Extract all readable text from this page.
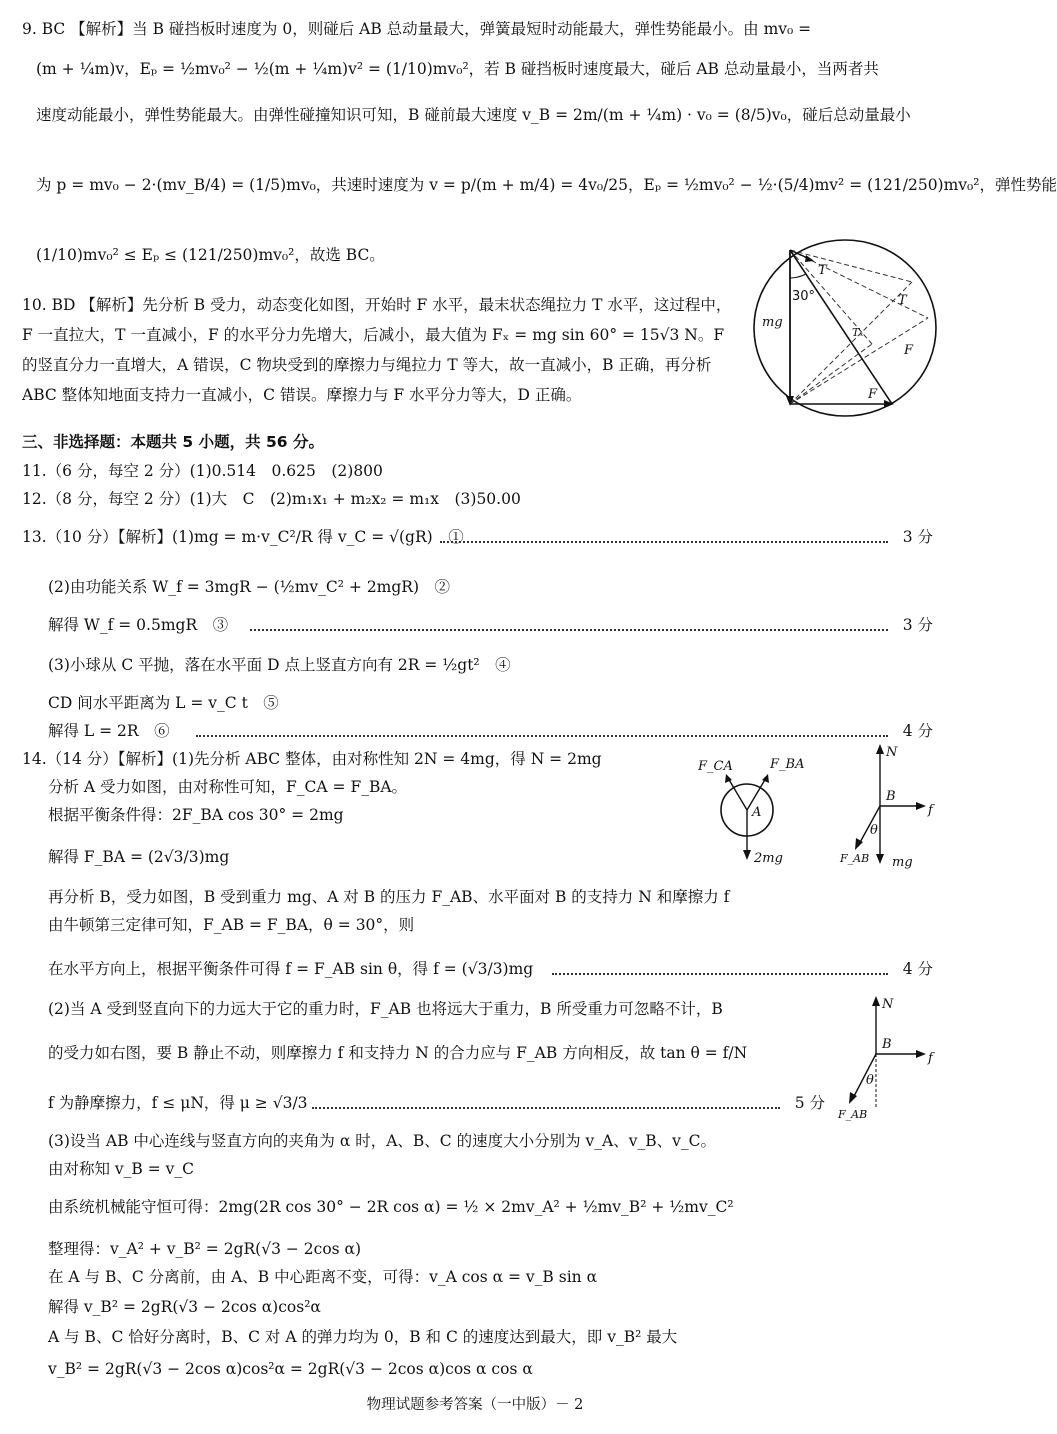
9. BC 【解析】当 B 碰挡板时速度为 0，则碰后 AB 总动量最大，弹簧最短时动能最大，弹性势能最小。由 mv₀ =
(m + ¼m)v，Eₚ = ½mv₀² − ½(m + ¼m)v² = (1/10)mv₀²，若 B 碰挡板时速度最大，碰后 AB 总动量最小，当两者共
速度动能最小，弹性势能最大。由弹性碰撞知识可知，B 碰前最大速度 v_B = 2m/(m + ¼m) · v₀ = (8/5)v₀，碰后总动量最小
为 p = mv₀ − 2·(mv_B/4) = (1/5)mv₀，共速时速度为 v = p/(m + m/4) = 4v₀/25，Eₚ = ½mv₀² − ½·(5/4)mv² = (121/250)mv₀²，弹性势能
(1/10)mv₀² ≤ Eₚ ≤ (121/250)mv₀²，故选 BC。
10. BD 【解析】先分析 B 受力，动态变化如图，开始时 F 水平，最末状态绳拉力 T 水平，这过程中，F 一直拉大，T 一直减小，F 的水平分力先增大，后减小，最大值为 Fₓ = mg sin 60° = 15√3 N。F 的竖直分力一直增大，A 错误，C 物块受到的摩擦力与绳拉力 T 等大，故一直减小，B 正确，再分析 ABC 整体知地面支持力一直减小，C 错误。摩擦力与 F 水平分力等大，D 正确。
T
T
Tₓ
F
F
30°
mg
三、非选择题：本题共 5 小题，共 56 分。
11.（6 分，每空 2 分）(1)0.514　0.625　(2)800
12.（8 分，每空 2 分）(1)大　C　(2)m₁x₁ + m₂x₂ = m₁x　(3)50.00
13.（10 分）【解析】(1)mg = m·v_C²/R 得 v_C = √(gR)　①	3 分
(2)由功能关系 W_f = 3mgR − (½mv_C² + 2mgR)　②
解得 W_f = 0.5mgR　③	3 分
(3)小球从 C 平抛，落在水平面 D 点上竖直方向有 2R = ½gt²　④
CD 间水平距离为 L = v_C t　⑤
解得 L = 2R　⑥	4 分
14.（14 分）【解析】(1)先分析 ABC 整体，由对称性知 2N = 4mg，得 N = 2mg
分析 A 受力如图，由对称性可知，F_CA = F_BA。
根据平衡条件得：2F_BA cos 30° = 2mg
解得 F_BA = (2√3/3)mg
再分析 B，受力如图，B 受到重力 mg、A 对 B 的压力 F_AB、水平面对 B 的支持力 N 和摩擦力 f
由牛顿第三定律可知，F_AB = F_BA，θ = 30°，则
在水平方向上，根据平衡条件可得 f = F_AB sin θ，得 f = (√3/3)mg	4 分
(2)当 A 受到竖直向下的力远大于它的重力时，F_AB 也将远大于重力，B 所受重力可忽略不计，B
的受力如右图，要 B 静止不动，则摩擦力 f 和支持力 N 的合力应与 F_AB 方向相反，故 tan θ = f/N
f 为静摩擦力，f ≤ μN，得 μ ≥ √3/3	5 分
(3)设当 AB 中心连线与竖直方向的夹角为 α 时，A、B、C 的速度大小分别为 v_A、v_B、v_C。
由对称知 v_B = v_C
由系统机械能守恒可得：2mg(2R cos 30° − 2R cos α) = ½ × 2mv_A² + ½mv_B² + ½mv_C²
整理得：v_A² + v_B² = 2gR(√3 − 2cos α)
在 A 与 B、C 分离前，由 A、B 中心距离不变，可得：v_A cos α = v_B sin α
解得 v_B² = 2gR(√3 − 2cos α)cos²α
A 与 B、C 恰好分离时，B、C 对 A 的弹力均为 0，B 和 C 的速度达到最大，即 v_B² 最大
v_B² = 2gR(√3 − 2cos α)cos²α = 2gR(√3 − 2cos α)cos α cos α
F_CA	F_BA
A
2mg
N
B
f
θ
F_AB mg
N
B
f
θ
F_AB
物理试题参考答案（一中版）－ 2
